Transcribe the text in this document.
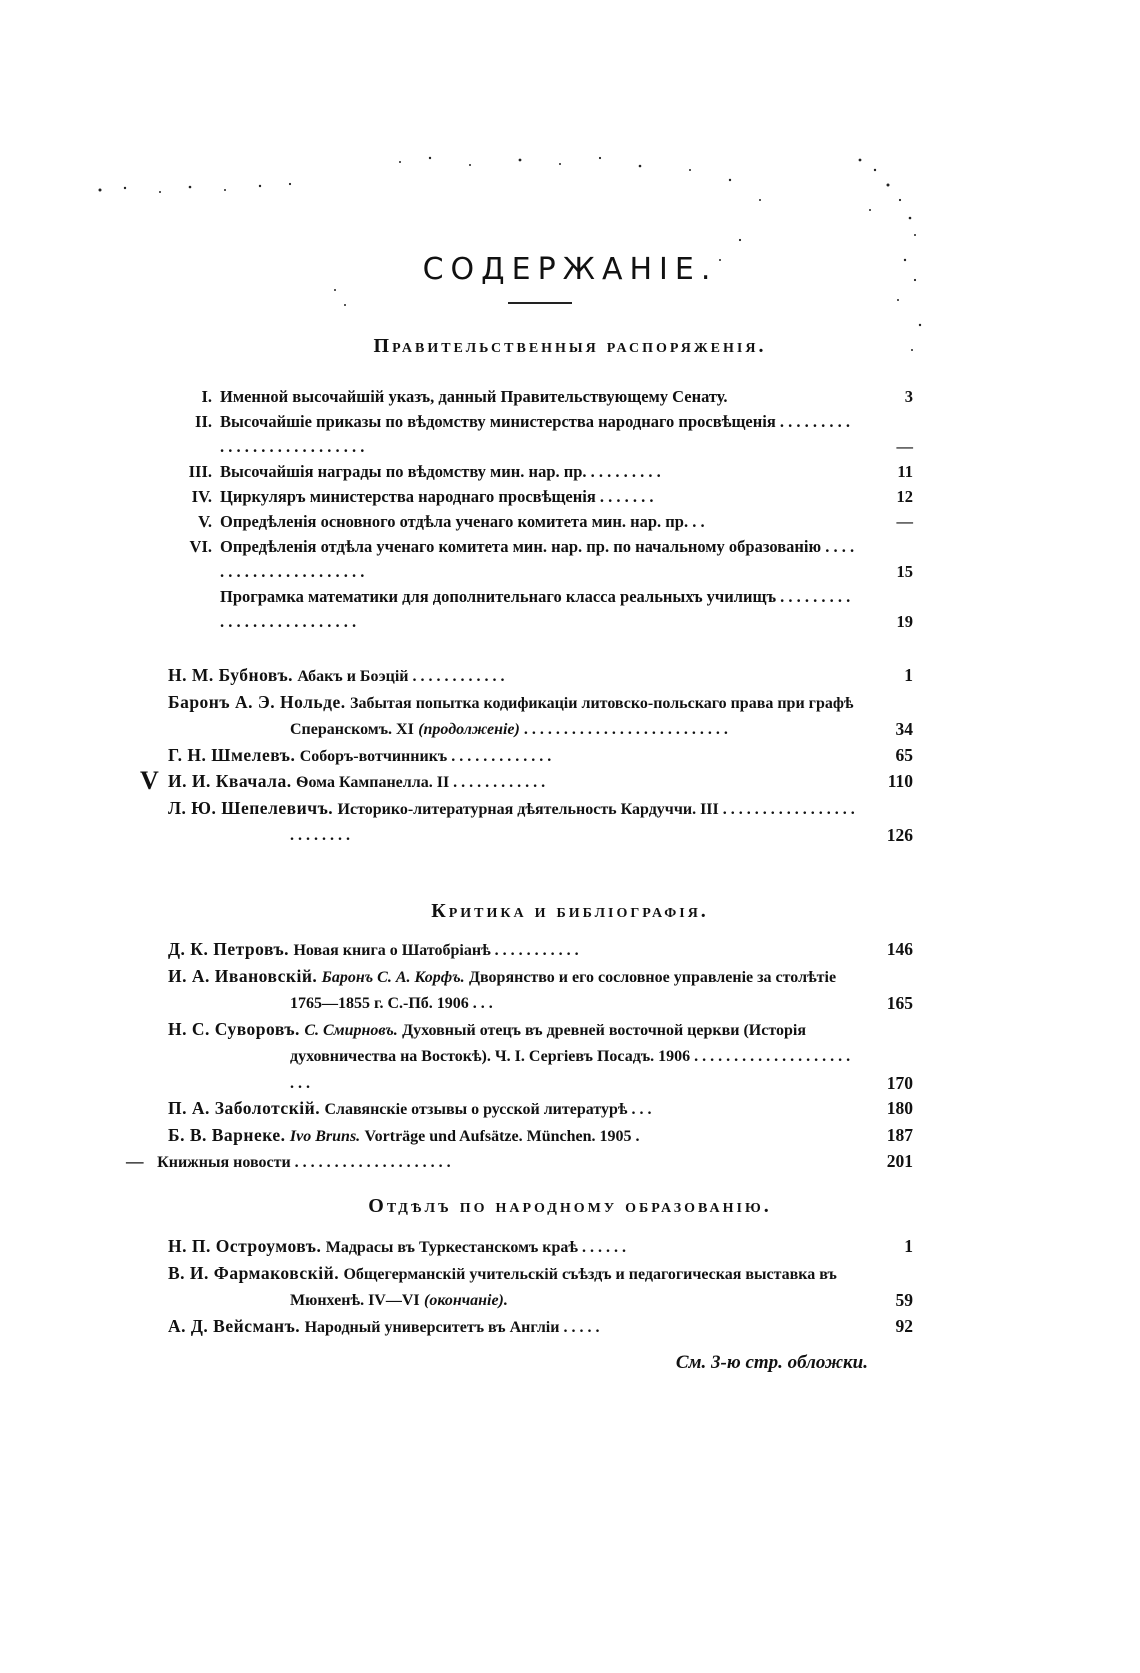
СОДЕРЖАНІЕ.
Правительственныя распоряженія.
I. Именной высочайшій указъ, данный Правительствующему Сенату.	3
II. Высочайшіе приказы по вѣдомству министерства народнаго просвѣщенія . . . . . . . . . . . . . . . . . . . . . . . . . . .	—
III. Высочайшія награды по вѣдомству мин. нар. пр. . . . . . . . . .	11
IV. Циркуляръ министерства народнаго просвѣщенія . . . . . . .	12
V. Опредѣленія основного отдѣла ученаго комитета мин. нар. пр. . .	—
VI. Опредѣленія отдѣла ученаго комитета мин. нар. пр. по начальному образованію . . . . . . . . . . . . . . . . . . . . . .	15
Програмка математики для дополнительнаго класса реальныхъ училищъ . . . . . . . . . . . . . . . . . . . . . . . . . .	19
Н. М. Бубновъ. Абакъ и Боэцій . . . . . . . . . . . .	1
Баронъ А. Э. Нольде. Забытая попытка кодификаціи литовско-польскаго права при графѣ Сперанскомъ. XI (продолженіе) . . . . . . . . . . . . . . . . . . . . . . . . . .	34
Г. Н. Шмелевъ. Соборъ-вотчинникъ . . . . . . . . . . . . .	65
И. И. Квачала. Ѳома Кампанелла. II . . . . . . . . . . . .	110
Л. Ю. Шепелевичъ. Историко-литературная дѣятельность Кардуччи. III . . . . . . . . . . . . . . . . . . . . . . . . .	126
V
Критика и библіографія.
Д. К. Петровъ. Новая книга о Шатобріанѣ . . . . . . . . . . .	146
И. А. Ивановскій. Баронъ С. А. Корфъ. Дворянство и его сословное управленіе за столѣтіе 1765—1855 г. С.-Пб. 1906 . . .	165
Н. С. Суворовъ. С. Смирновъ. Духовный отецъ въ древней восточной церкви (Исторія духовничества на Востокѣ). Ч. I. Сергіевъ Посадъ. 1906 . . . . . . . . . . . . . . . . . . . . . . .	170
П. А. Заболотскій. Славянскіе отзывы о русской литературѣ . . .	180
Б. В. Варнеке. Ivo Bruns. Vorträge und Aufsätze. München. 1905 .	187
— Книжныя новости . . . . . . . . . . . . . . . . . . . .	201
Отдѣлъ по народному образованію.
Н. П. Остроумовъ. Мадрасы въ Туркестанскомъ краѣ . . . . . .	1
В. И. Фармаковскій. Общегерманскій учительскій съѣздъ и педагогическая выставка въ Мюнхенѣ. IV—VI (окончаніе).	59
А. Д. Вейсманъ. Народный университетъ въ Англіи . . . . .	92
См. 3-ю стр. обложки.
